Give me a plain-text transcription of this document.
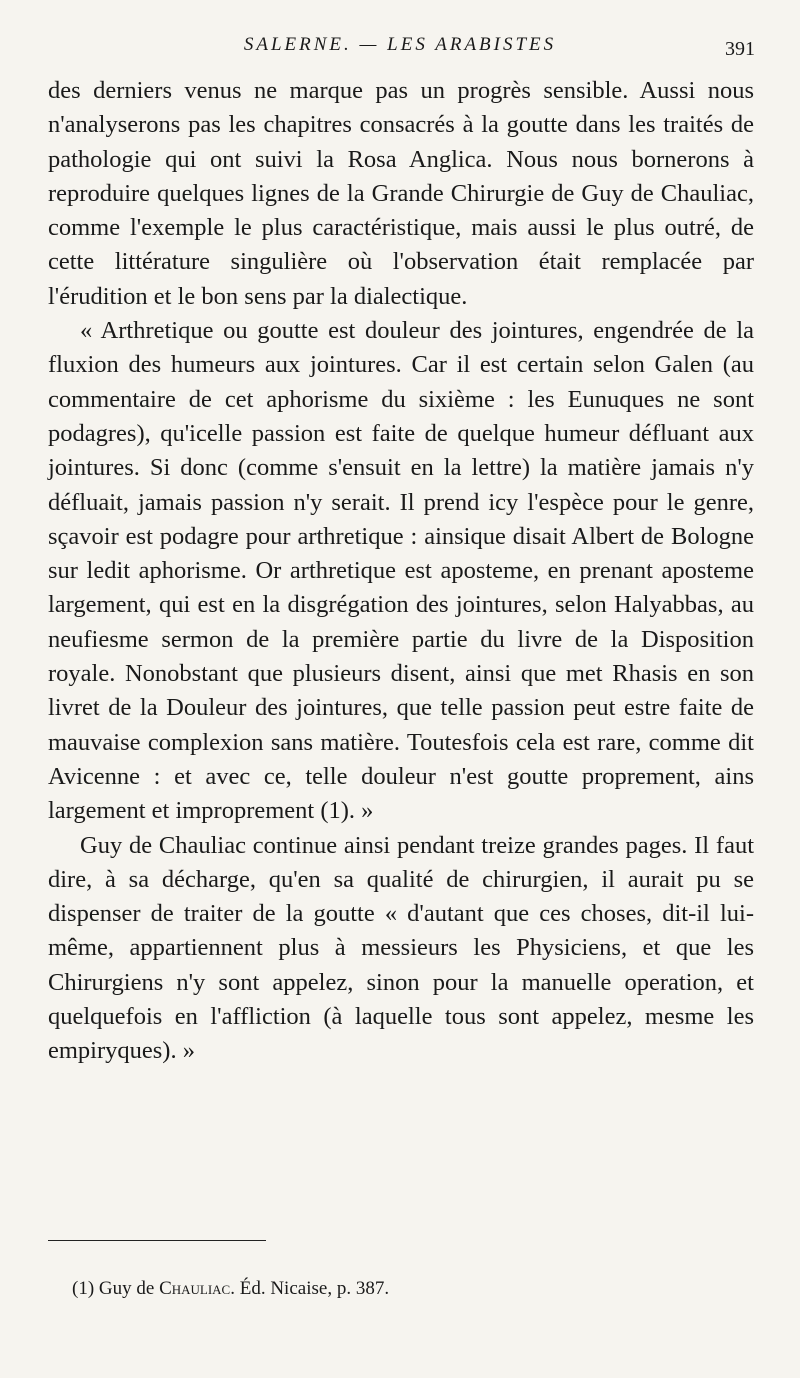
SALERNE. — LES ARABISTES	391

des derniers venus ne marque pas un progrès sensible. Aussi nous n'analyserons pas les chapitres consacrés à la goutte dans les traités de pathologie qui ont suivi la Rosa Anglica. Nous nous bornerons à reproduire quelques lignes de la Grande Chirurgie de Guy de Chauliac, comme l'exemple le plus caractéristique, mais aussi le plus outré, de cette littérature singulière où l'observation était remplacée par l'érudition et le bon sens par la dialectique.

« Arthretique ou goutte est douleur des jointures, engendrée de la fluxion des humeurs aux jointures. Car il est certain selon Galen (au commentaire de cet aphorisme du sixième : les Eunuques ne sont podagres), qu'icelle passion est faite de quelque humeur défluant aux jointures. Si donc (comme s'ensuit en la lettre) la matière jamais n'y défluait, jamais passion n'y serait. Il prend icy l'espèce pour le genre, sçavoir est podagre pour arthretique : ainsique disait Albert de Bologne sur ledit aphorisme. Or arthretique est aposteme, en prenant aposteme largement, qui est en la disgrégation des jointures, selon Halyabbas, au neufiesme sermon de la première partie du livre de la Disposition royale. Nonobstant que plusieurs disent, ainsi que met Rhasis en son livret de la Douleur des jointures, que telle passion peut estre faite de mauvaise complexion sans matière. Toutesfois cela est rare, comme dit Avicenne : et avec ce, telle douleur n'est goutte proprement, ains largement et improprement (1). »

Guy de Chauliac continue ainsi pendant treize grandes pages. Il faut dire, à sa décharge, qu'en sa qualité de chirurgien, il aurait pu se dispenser de traiter de la goutte « d'autant que ces choses, dit-il lui-même, appartiennent plus à messieurs les Physiciens, et que les Chirurgiens n'y sont appelez, sinon pour la manuelle operation, et quelquefois en l'affliction (à laquelle tous sont appelez, mesme les empiryques). »

(1) Guy de Chauliac. Éd. Nicaise, p. 387.
